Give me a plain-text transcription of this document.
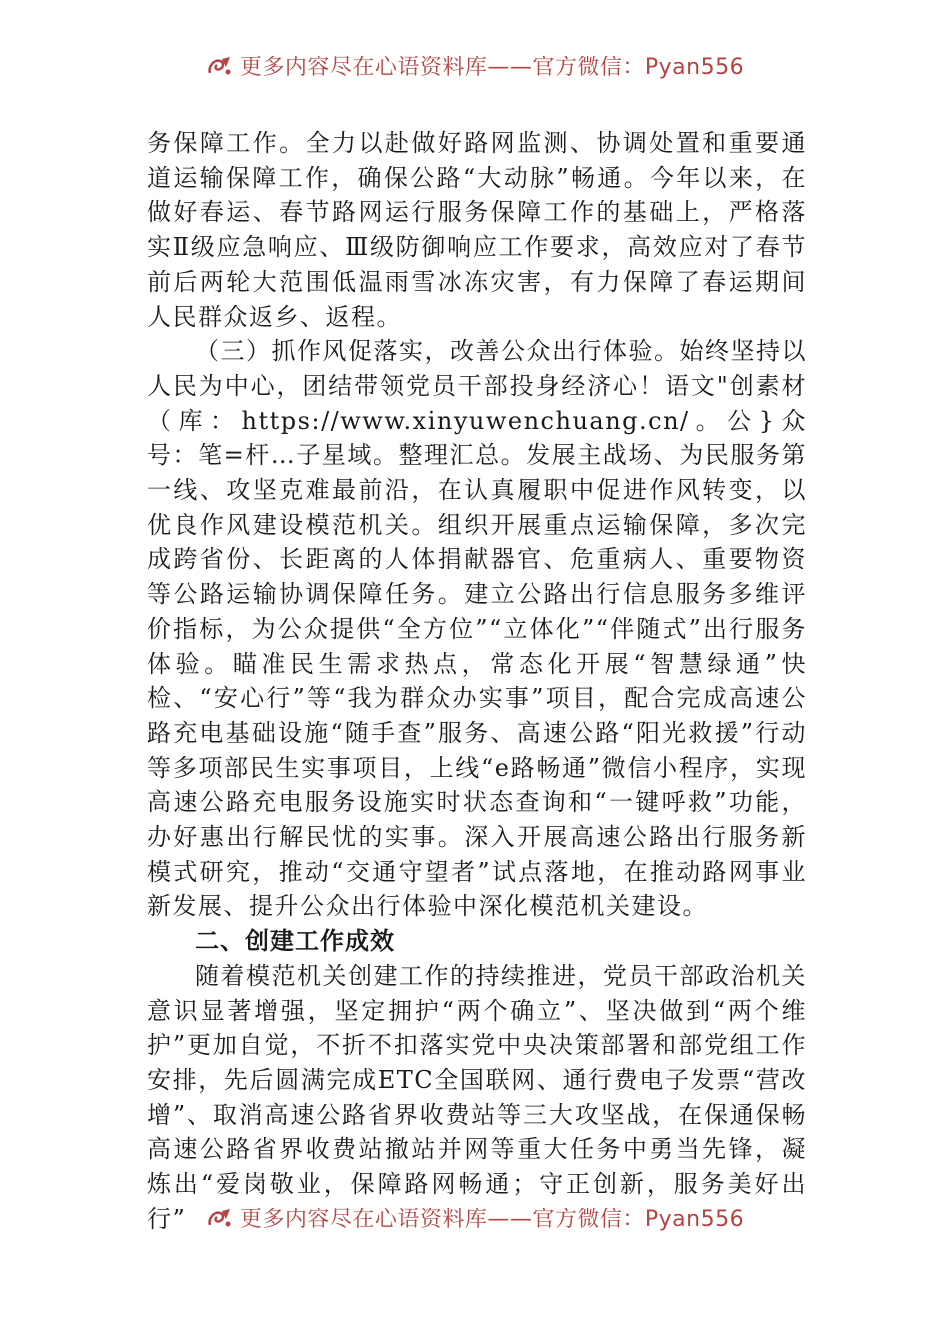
更多内容尽在心语资料库——官方微信：Pyan556

务保障工作。全力以赴做好路网监测、协调处置和重要通道运输保障工作，确保公路“大动脉”畅通。今年以来，在做好春运、春节路网运行服务保障工作的基础上，严格落实Ⅱ级应急响应、Ⅲ级防御响应工作要求，高效应对了春节前后两轮大范围低温雨雪冰冻灾害，有力保障了春运期间人民群众返乡、返程。

（三）抓作风促落实，改善公众出行体验。始终坚持以人民为中心，团结带领党员干部投身经济心！语文"创素材（库：https://www.xinyuwenchuang.cn/。公}众号：笔=杆…子星域。整理汇总。发展主战场、为民服务第一线、攻坚克难最前沿，在认真履职中促进作风转变，以优良作风建设模范机关。组织开展重点运输保障，多次完成跨省份、长距离的人体捐献器官、危重病人、重要物资等公路运输协调保障任务。建立公路出行信息服务多维评价指标，为公众提供“全方位”“立体化”“伴随式”出行服务体验。瞄准民生需求热点，常态化开展“智慧绿通”快检、“安心行”等“我为群众办实事”项目，配合完成高速公路充电基础设施“随手查”服务、高速公路“阳光救援”行动等多项部民生实事项目，上线“e路畅通”微信小程序，实现高速公路充电服务设施实时状态查询和“一键呼救”功能，办好惠出行解民忧的实事。深入开展高速公路出行服务新模式研究，推动“交通守望者”试点落地，在推动路网事业新发展、提升公众出行体验中深化模范机关建设。

二、创建工作成效

随着模范机关创建工作的持续推进，党员干部政治机关意识显著增强，坚定拥护“两个确立”、坚决做到“两个维护”更加自觉，不折不扣落实党中央决策部署和部党组工作安排，先后圆满完成ETC全国联网、通行费电子发票“营改增”、取消高速公路省界收费站等三大攻坚战，在保通保畅高速公路省界收费站撤站并网等重大任务中勇当先锋，凝炼出“爱岗敬业，保障路网畅通；守正创新，服务美好出行”	更多内容尽在心语资料库——官方微信：Pyan556
